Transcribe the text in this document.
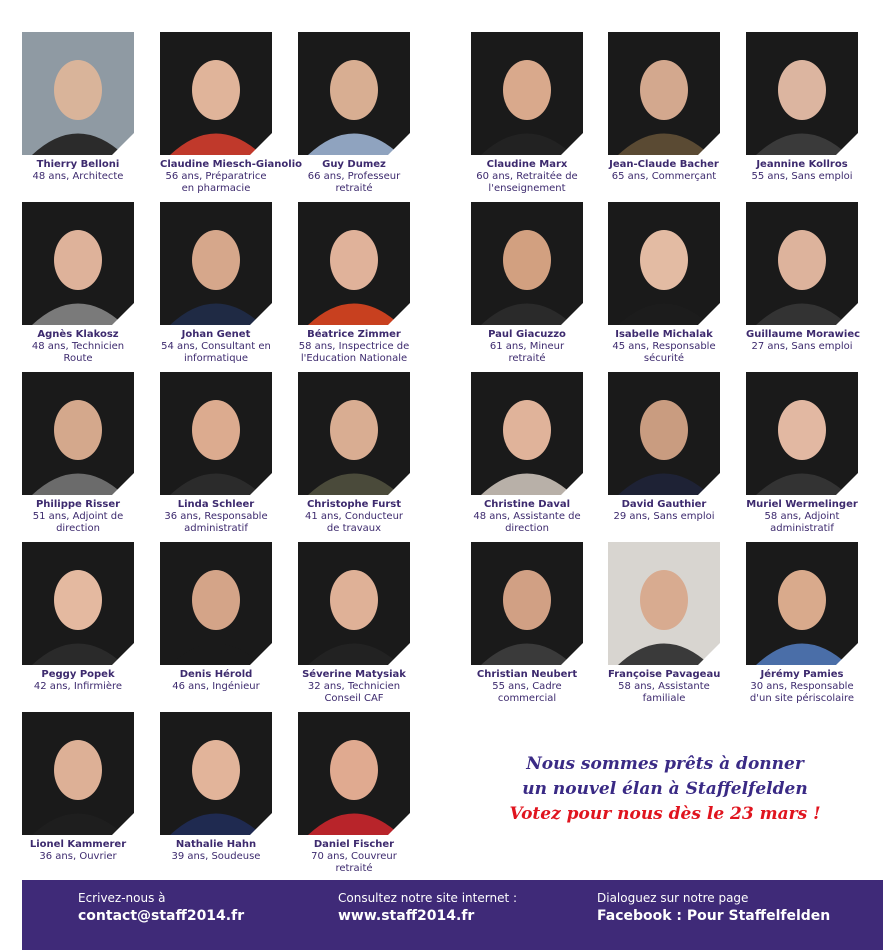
Thierry Belloni
48 ans, Architecte
Claudine Miesch-Gianolio
56 ans, Préparatrice en pharmacie
Guy Dumez
66 ans, Professeur retraité
Claudine Marx
60 ans, Retraitée de l'enseignement
Jean-Claude Bacher
65 ans, Commerçant
Jeannine Kollros
55 ans, Sans emploi
Agnès Klakosz
48 ans, Technicien Route
Johan Genet
54 ans, Consultant en informatique
Béatrice Zimmer
58 ans, Inspectrice de l'Education Nationale
Paul Giacuzzo
61 ans, Mineur retraité
Isabelle Michalak
45 ans, Responsable sécurité
Guillaume Morawiec
27 ans, Sans emploi
Philippe Risser
51 ans, Adjoint de direction
Linda Schleer
36 ans, Responsable administratif
Christophe Furst
41 ans, Conducteur de travaux
Christine Daval
48 ans, Assistante de direction
David Gauthier
29 ans, Sans emploi
Muriel Wermelinger
58 ans, Adjoint administratif
Peggy Popek
42 ans, Infirmière
Denis Hérold
46 ans, Ingénieur
Séverine Matysiak
32 ans, Technicien Conseil CAF
Christian Neubert
55 ans, Cadre commercial
Françoise Pavageau
58 ans, Assistante familiale
Jérémy Pamies
30 ans, Responsable d'un site périscolaire
Lionel Kammerer
36 ans, Ouvrier
Nathalie Hahn
39 ans, Soudeuse
Daniel Fischer
70 ans, Couvreur retraité
Nous sommes prêts à donner
un nouvel élan à Staffelfelden
Votez pour nous dès le 23 mars !
Ecrivez-nous à
contact@staff2014.fr
Consultez notre site internet :
www.staff2014.fr
Dialoguez sur notre page
Facebook : Pour Staffelfelden
